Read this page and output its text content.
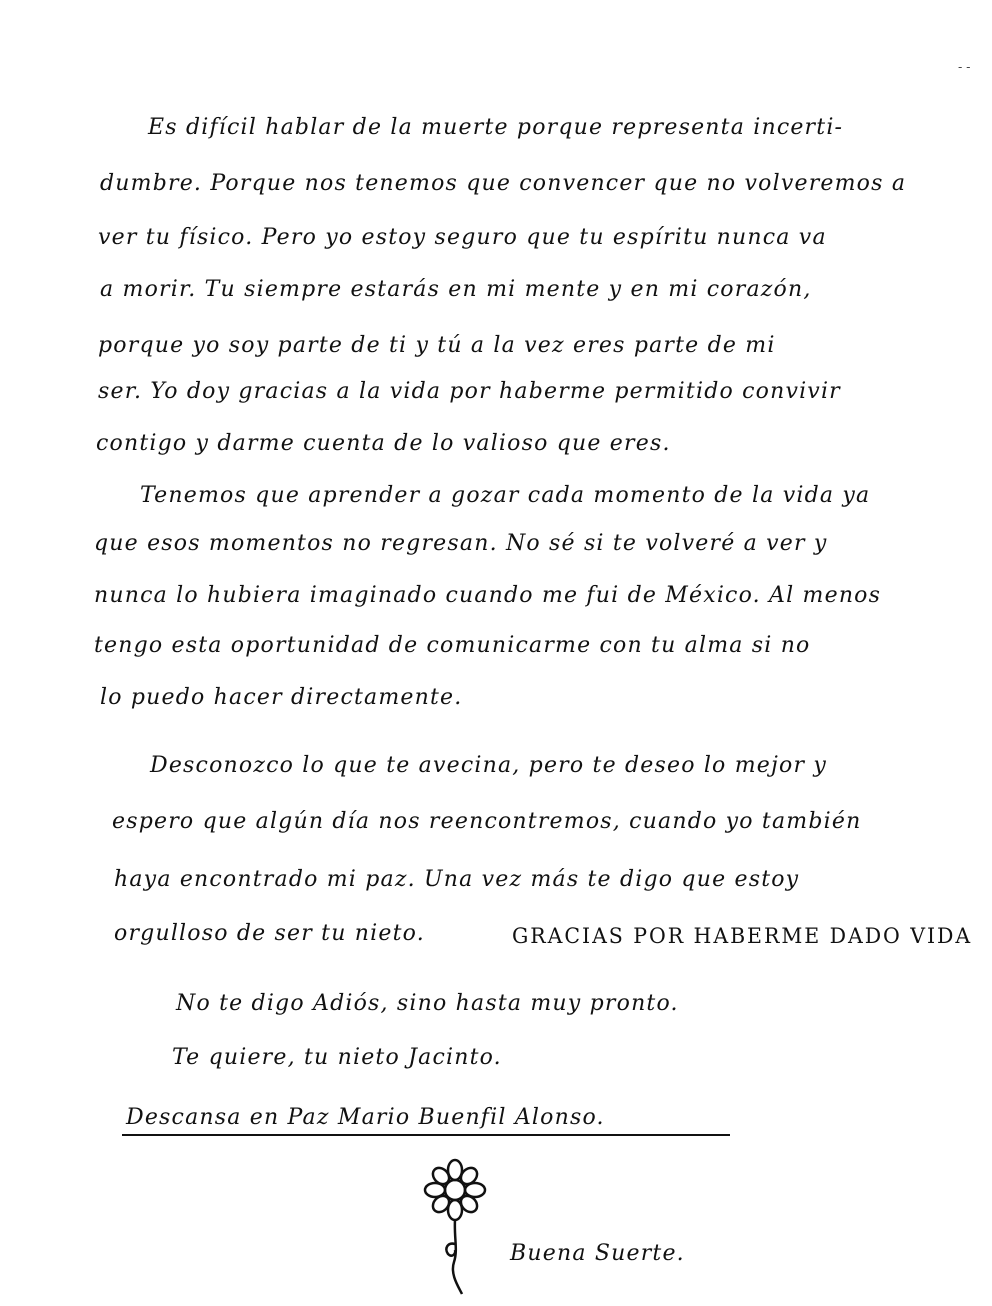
- -
Es difícil hablar de la muerte porque representa incerti-
dumbre. Porque nos tenemos que convencer que no volveremos a
ver tu físico. Pero yo estoy seguro que tu espíritu nunca va
a morir. Tu siempre estarás en mi mente y en mi corazón,
porque yo soy parte de ti y tú a la vez eres parte de mi
ser. Yo doy gracias a la vida por haberme permitido convivir
contigo y darme cuenta de lo valioso que eres.
Tenemos que aprender a gozar cada momento de la vida ya
que esos momentos no regresan. No sé si te volveré a ver y
nunca lo hubiera imaginado cuando me fui de México. Al menos
tengo esta oportunidad de comunicarme con tu alma si no
lo puedo hacer directamente.
Desconozco lo que te avecina, pero te deseo lo mejor y
espero que algún día nos reencontremos, cuando yo también
haya encontrado mi paz. Una vez más te digo que estoy
orgulloso de ser tu nieto.	GRACIAS POR HABERME DADO VIDA
No te digo Adiós, sino hasta muy pronto.
Te quiere, tu nieto Jacinto.
Descansa en Paz Mario Buenfil Alonso.
Buena Suerte.
